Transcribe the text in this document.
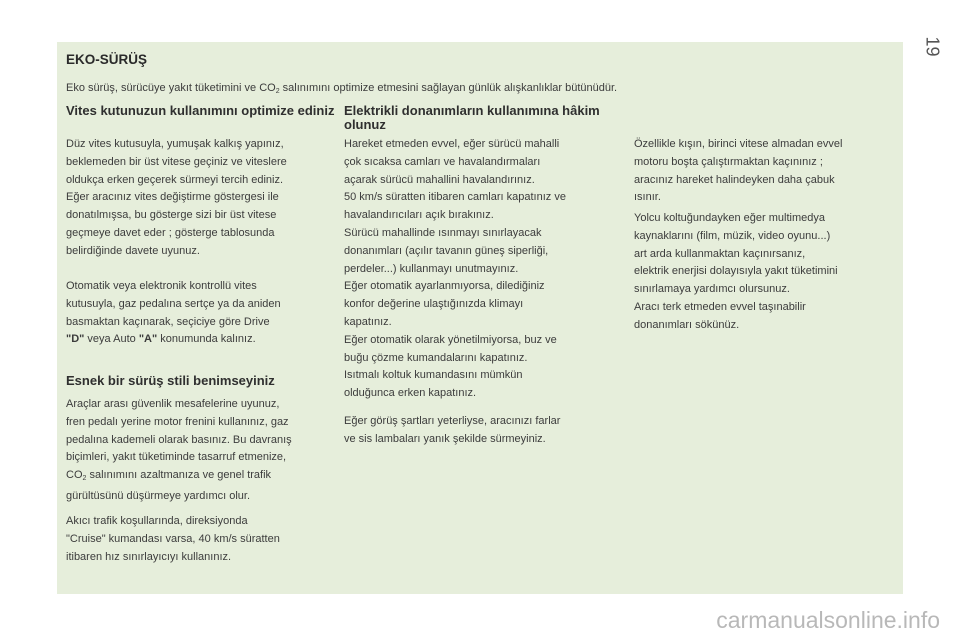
19
EKO-SÜRÜŞ
Eko sürüş, sürücüye yakıt tüketimini ve $CO_2$ salınımını optimize etmesini sağlayan günlük alışkanlıklar bütünüdür.
Vites kutunuzun kullanımını optimize ediniz
Düz vites kutusuyla, yumuşak kalkış yapınız,
beklemeden bir üst vitese geçiniz ve viteslere
oldukça erken geçerek sürmeyi tercih ediniz.
Eğer aracınız vites değiştirme göstergesi ile
donatılmışsa, bu gösterge sizi bir üst vitese
geçmeye davet eder ; gösterge tablosunda
belirdiğinde davete uyunuz.
Otomatik veya elektronik kontrollü vites
kutusuyla, gaz pedalına sertçe ya da aniden
basmaktan kaçınarak, seçiciye göre Drive
"D" veya Auto "A" konumunda kalınız.
Esnek bir sürüş stili benimseyiniz
Araçlar arası güvenlik mesafelerine uyunuz,
fren pedalı yerine motor frenini kullanınız, gaz
pedalına kademeli olarak basınız. Bu davranış
biçimleri, yakıt tüketiminde tasarruf etmenize,
$CO_2$ salınımını azaltmanıza ve genel trafik
gürültüsünü düşürmeye yardımcı olur.
Akıcı trafik koşullarında, direksiyonda
"Cruise" kumandası varsa, 40 km/s süratten
itibaren hız sınırlayıcıyı kullanınız.
Elektrikli donanımların kullanımına hâkim olunuz
Hareket etmeden evvel, eğer sürücü mahalli
çok sıcaksa camları ve havalandırmaları
açarak sürücü mahallini havalandırınız.
50 km/s süratten itibaren camları kapatınız ve
havalandırıcıları açık bırakınız.
Sürücü mahallinde ısınmayı sınırlayacak
donanımları (açılır tavanın güneş siperliği,
perdeler...) kullanmayı unutmayınız.
Eğer otomatik ayarlanmıyorsa, dilediğiniz
konfor değerine ulaştığınızda klimayı
kapatınız.
Eğer otomatik olarak yönetilmiyorsa, buz ve
buğu çözme kumandalarını kapatınız.
Isıtmalı koltuk kumandasını mümkün
olduğunca erken kapatınız.
Eğer görüş şartları yeterliyse, aracınızı farlar
ve sis lambaları yanık şekilde sürmeyiniz.
Özellikle kışın, birinci vitese almadan evvel
motoru boşta çalıştırmaktan kaçınınız ;
aracınız hareket halindeyken daha çabuk
ısınır.
Yolcu koltuğundayken eğer multimedya
kaynaklarını (film, müzik, video oyunu...)
art arda kullanmaktan kaçınırsanız,
elektrik enerjisi dolayısıyla yakıt tüketimini
sınırlamaya yardımcı olursunuz.
Aracı terk etmeden evvel taşınabilir
donanımları sökünüz.
carmanualsonline.info
